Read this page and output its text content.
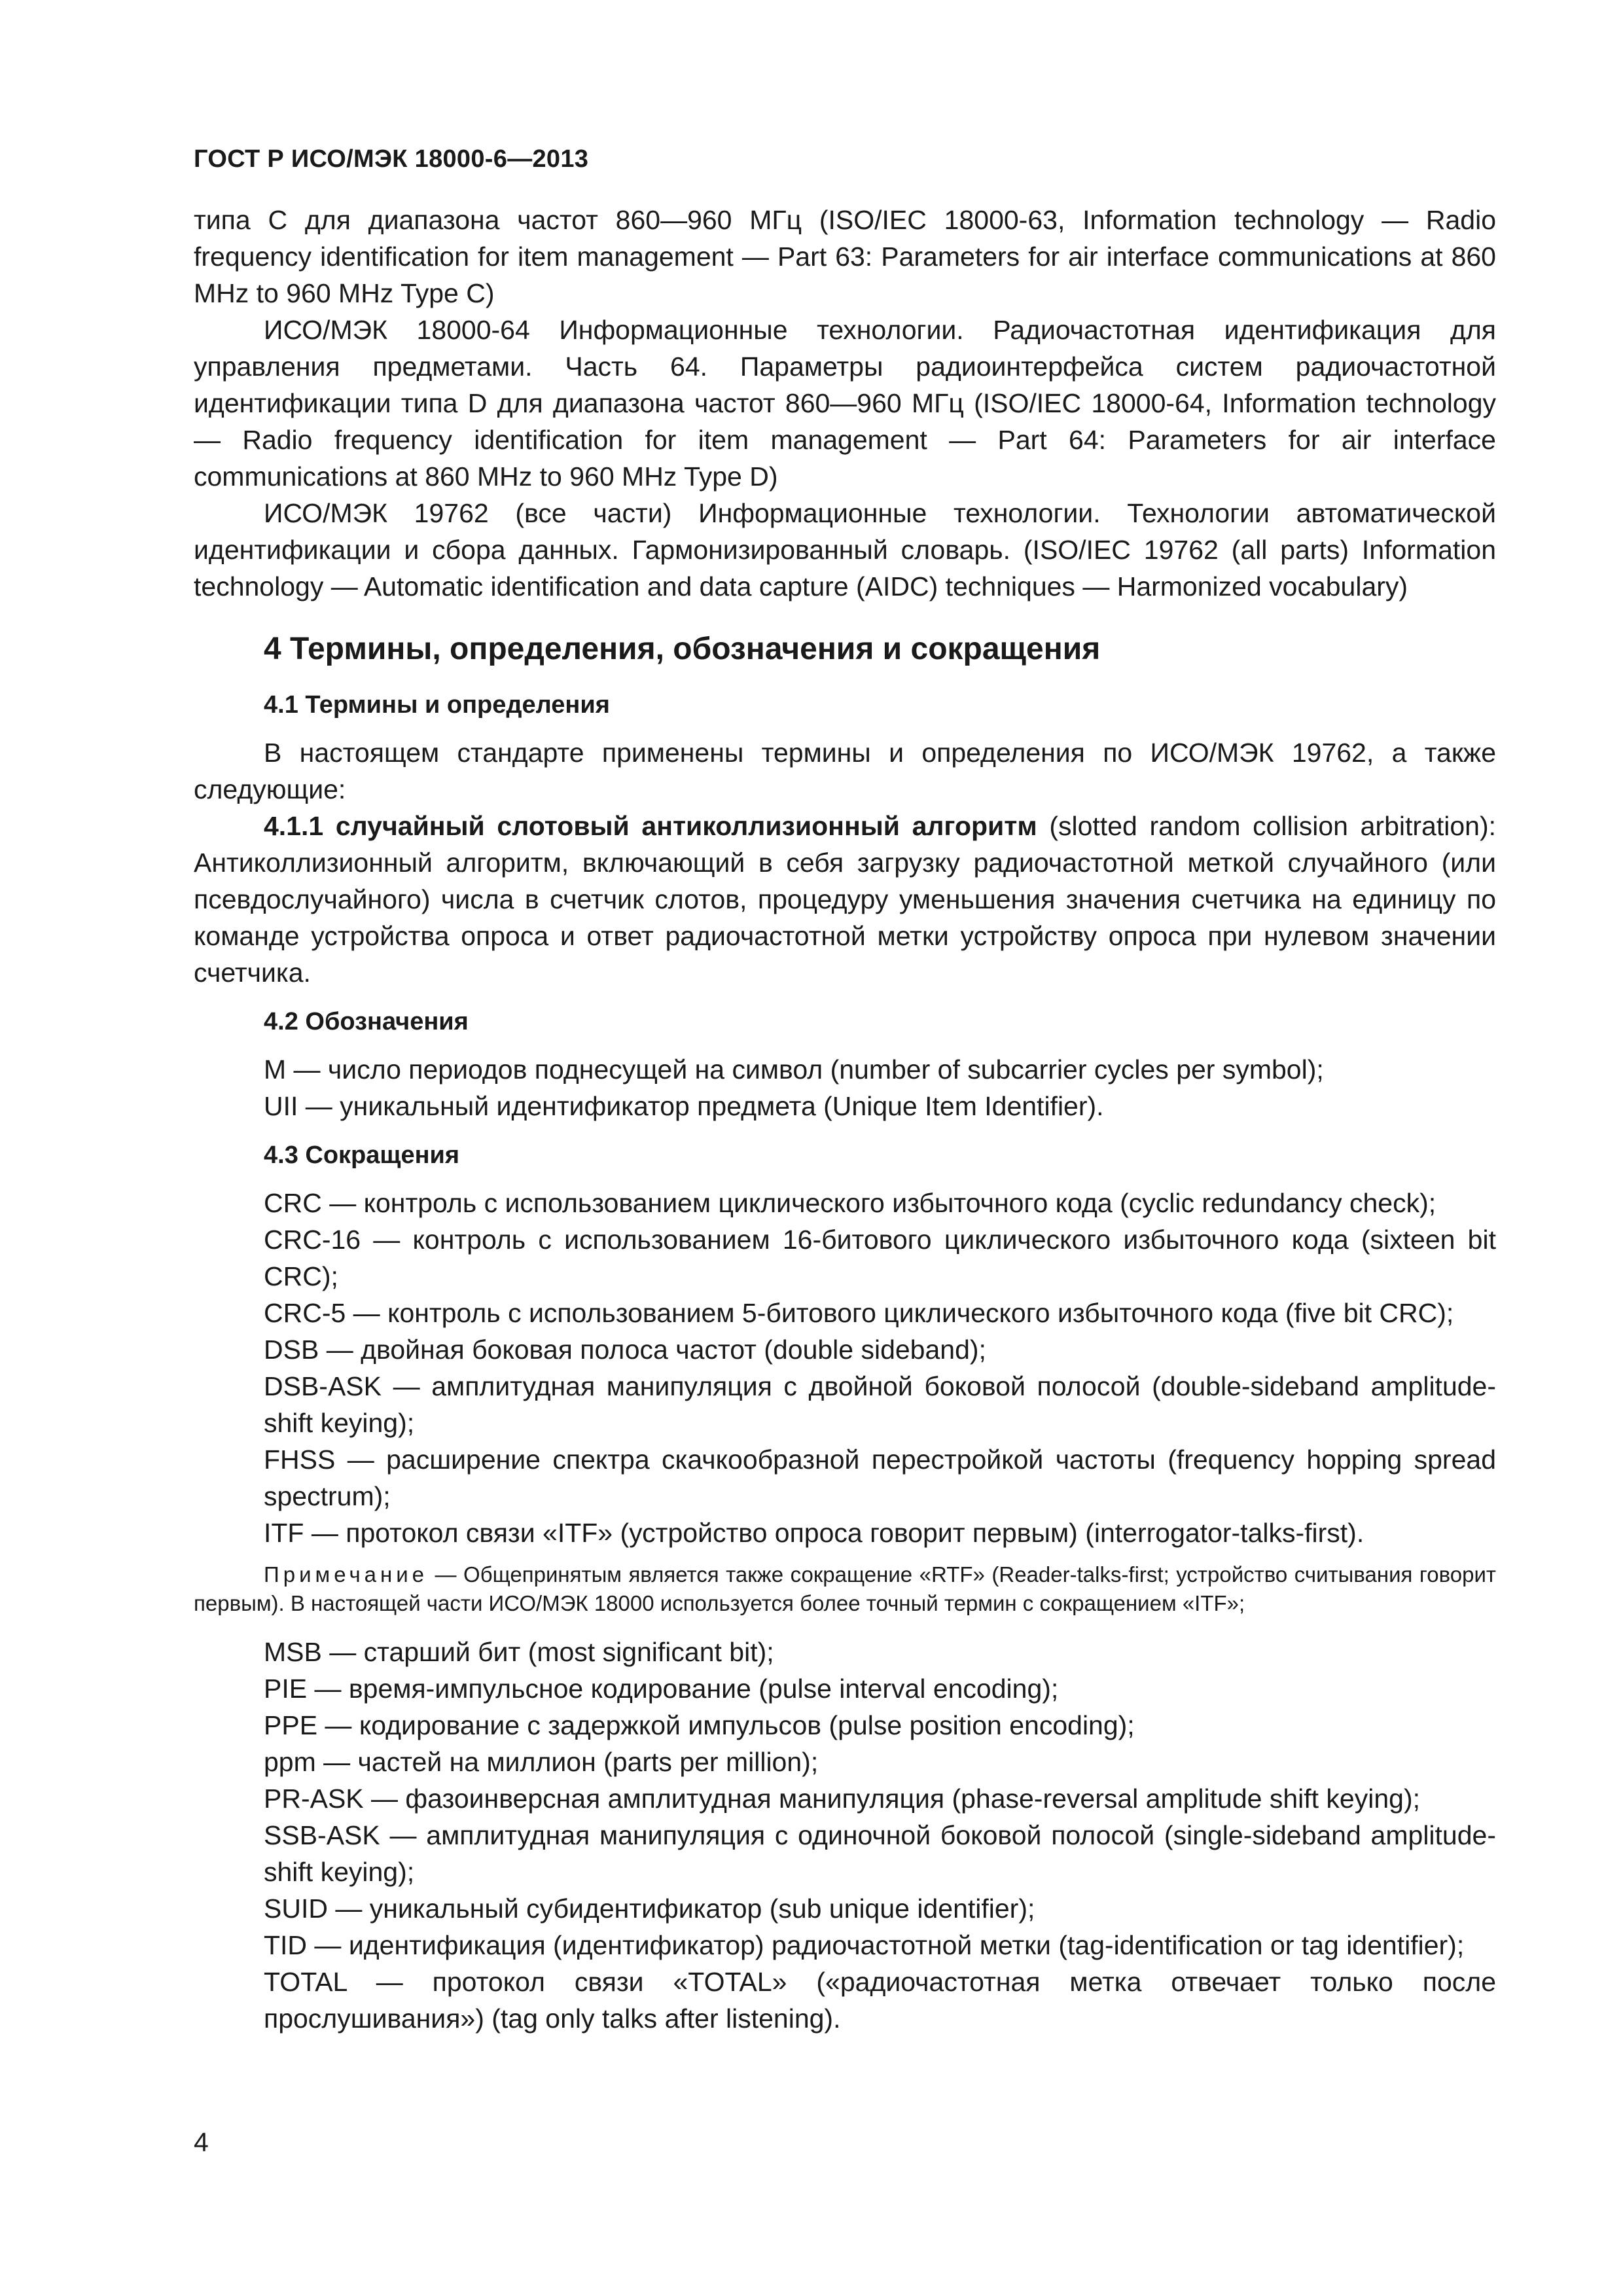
ГОСТ Р ИСО/МЭК 18000-6—2013

типа С для диапазона частот 860—960 МГц (ISO/IEC 18000-63, Information technology — Radio frequency identification for item management — Part 63: Parameters for air interface communications at 860 MHz to 960 MHz Type C)

ИСО/МЭК 18000-64 Информационные технологии. Радиочастотная идентификация для управления предметами. Часть 64. Параметры радиоинтерфейса систем радиочастотной идентификации типа D для диапазона частот 860—960 МГц (ISO/IEC 18000-64, Information technology — Radio frequency identification for item management — Part 64: Parameters for air interface communications at 860 MHz to 960 MHz Type D)

ИСО/МЭК 19762 (все части) Информационные технологии. Технологии автоматической идентификации и сбора данных. Гармонизированный словарь. (ISO/IEC 19762 (all parts) Information technology — Automatic identification and data capture (AIDC) techniques — Harmonized vocabulary)

4 Термины, определения, обозначения и сокращения
4.1 Термины и определения

В настоящем стандарте применены термины и определения по ИСО/МЭК 19762, а также следующие:

4.1.1 случайный слотовый антиколлизионный алгоритм (slotted random collision arbitration): Антиколлизионный алгоритм, включающий в себя загрузку радиочастотной меткой случайного (или псевдослучайного) числа в счетчик слотов, процедуру уменьшения значения счетчика на единицу по команде устройства опроса и ответ радиочастотной метки устройству опроса при нулевом значении счетчика.

4.2 Обозначения

M — число периодов поднесущей на символ (number of subcarrier cycles per symbol);

UII — уникальный идентификатор предмета (Unique Item Identifier).

4.3 Сокращения

CRC — контроль с использованием циклического избыточного кода (cyclic redundancy check);

CRC-16 — контроль с использованием 16-битового циклического избыточного кода (sixteen bit CRC);

CRC-5 — контроль с использованием 5-битового циклического избыточного кода (five bit CRC);

DSB — двойная боковая полоса частот (double sideband);

DSB-ASK — амплитудная манипуляция с двойной боковой полосой (double-sideband amplitude-shift keying);

FHSS — расширение спектра скачкообразной перестройкой частоты (frequency hopping spread spectrum);

ITF — протокол связи «ITF» (устройство опроса говорит первым) (interrogator-talks-first).

Примечание — Общепринятым является также сокращение «RTF» (Reader-talks-first; устройство считывания говорит первым). В настоящей части ИСО/МЭК 18000 используется более точный термин с сокращением «ITF»;

MSB — старший бит (most significant bit);

PIE — время-импульсное кодирование (pulse interval encoding);

PPE — кодирование с задержкой импульсов (pulse position encoding);

ppm — частей на миллион (parts per million);

PR-ASK — фазоинверсная амплитудная манипуляция (phase-reversal amplitude shift keying);

SSB-ASK — амплитудная манипуляция с одиночной боковой полосой (single-sideband amplitude-shift keying);

SUID — уникальный субидентификатор (sub unique identifier);

TID — идентификация (идентификатор) радиочастотной метки (tag-identification or tag identifier);

TOTAL — протокол связи «TOTAL» («радиочастотная метка отвечает только после прослушивания») (tag only talks after listening).

4
